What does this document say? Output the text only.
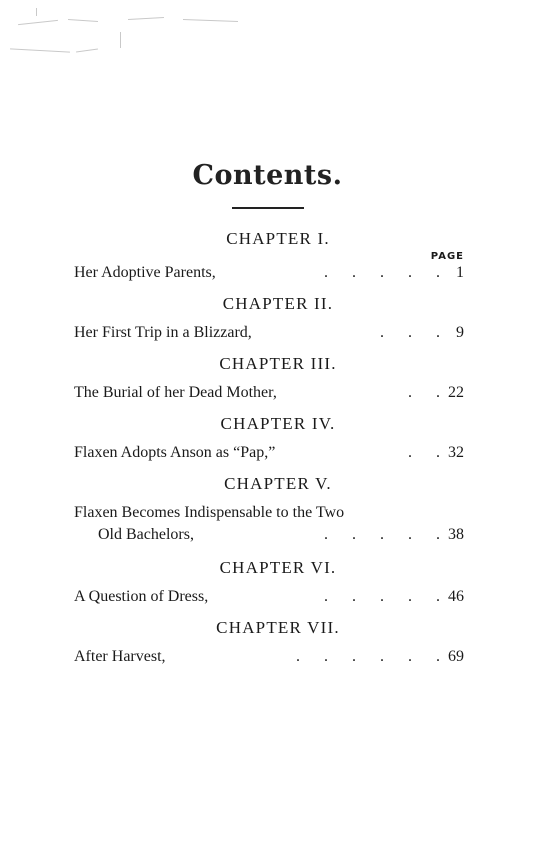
Contents.
CHAPTER I.
PAGE
Her Adoptive Parents,	.      .      .      .      . 1
CHAPTER II.
Her First Trip in a Blizzard,	.      .      . 9
CHAPTER III.
The Burial of her Dead Mother,	.      . 22
CHAPTER IV.
Flaxen Adopts Anson as “Pap,”	.      . 32
CHAPTER V.
Flaxen Becomes Indispensable to the Two
Old Bachelors,	.      .      .      .      . 38
CHAPTER VI.
A Question of Dress,	.      .      .      .      . 46
CHAPTER VII.
After Harvest,	.      .      .      .      .      . 69
